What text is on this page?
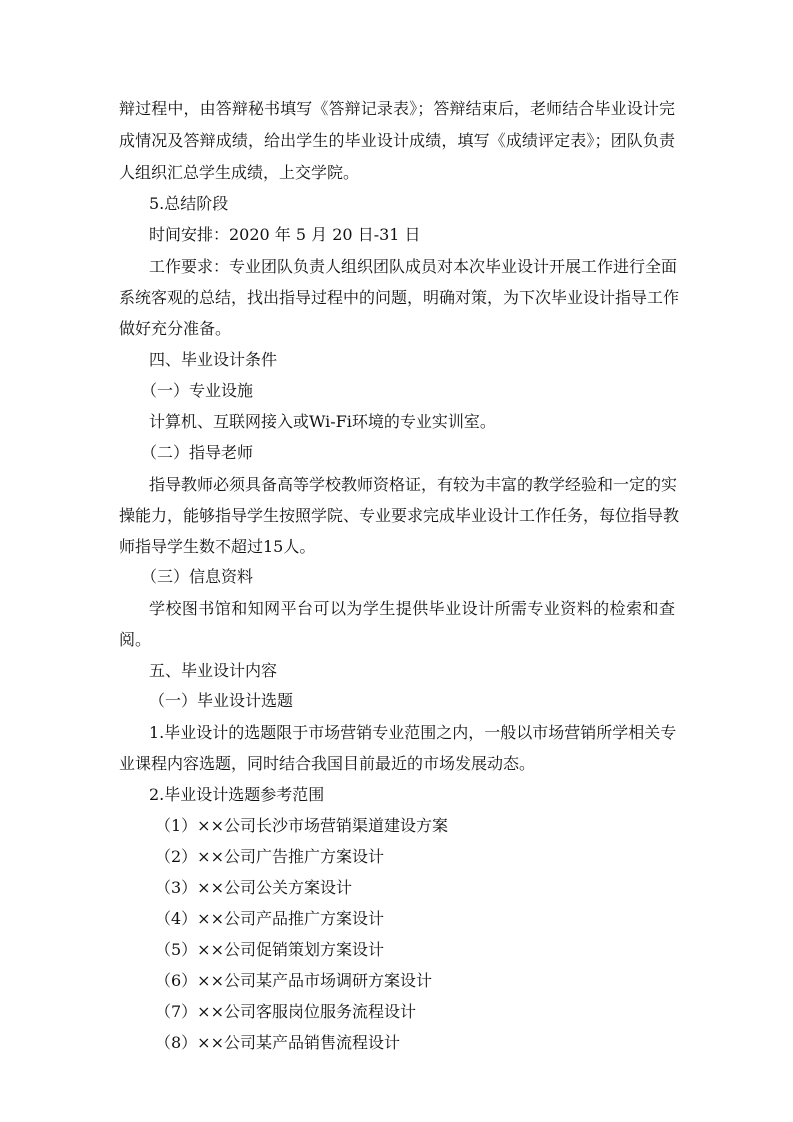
辩过程中，由答辩秘书填写《答辩记录表》；答辩结束后，老师结合毕业设计完
成情况及答辩成绩，给出学生的毕业设计成绩，填写《成绩评定表》；团队负责
人组织汇总学生成绩，上交学院。
5.总结阶段
时间安排：2020 年 5 月 20 日-31 日
工作要求：专业团队负责人组织团队成员对本次毕业设计开展工作进行全面
系统客观的总结，找出指导过程中的问题，明确对策，为下次毕业设计指导工作
做好充分准备。
四、毕业设计条件
（一）专业设施
计算机、互联网接入或Wi-Fi环境的专业实训室。
（二）指导老师
指导教师必须具备高等学校教师资格证，有较为丰富的教学经验和一定的实
操能力，能够指导学生按照学院、专业要求完成毕业设计工作任务，每位指导教
师指导学生数不超过15人。
（三）信息资料
学校图书馆和知网平台可以为学生提供毕业设计所需专业资料的检索和查
阅。
五、毕业设计内容
（一）毕业设计选题
1.毕业设计的选题限于市场营销专业范围之内，一般以市场营销所学相关专
业课程内容选题，同时结合我国目前最近的市场发展动态。
2.毕业设计选题参考范围
（1）××公司长沙市场营销渠道建设方案
（2）××公司广告推广方案设计
（3）××公司公关方案设计
（4）××公司产品推广方案设计
（5）××公司促销策划方案设计
（6）××公司某产品市场调研方案设计
（7）××公司客服岗位服务流程设计
（8）××公司某产品销售流程设计
